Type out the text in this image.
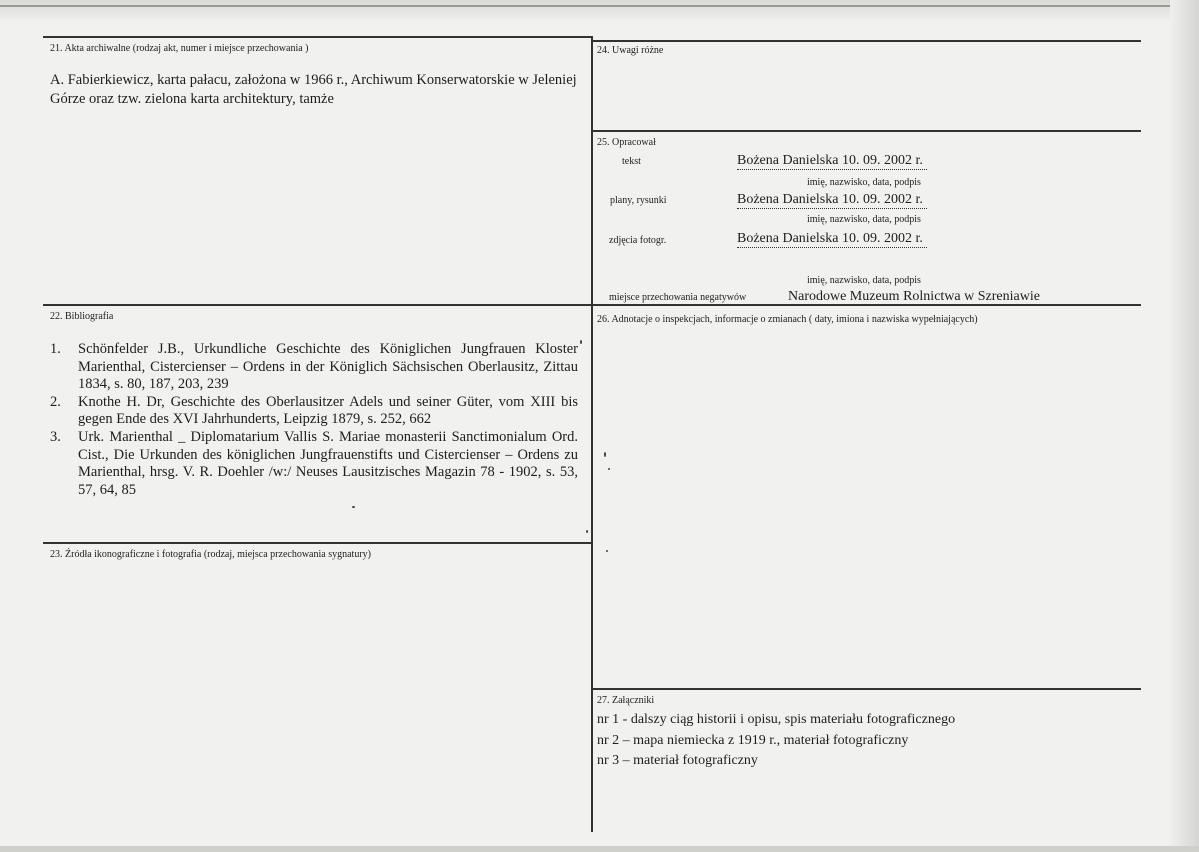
21. Akta archiwalne (rodzaj akt, numer i miejsce przechowania )
A. Fabierkiewicz, karta pałacu, założona w 1966 r., Archiwum Konserwatorskie w Jeleniej
Górze oraz tzw. zielona karta architektury, tamże
22. Bibliografia
1.	Schönfelder J.B., Urkundliche Geschichte des Königlichen Jungfrauen Kloster Marienthal, Cistercienser – Ordens in der Königlich Sächsischen Oberlausitz, Zittau 1834, s. 80, 187, 203, 239
2.	Knothe H. Dr, Geschichte des Oberlausitzer Adels und seiner Güter, vom XIII bis gegen Ende des XVI Jahrhunderts, Leipzig 1879, s. 252, 662
3.	Urk. Marienthal _ Diplomatarium Vallis S. Mariae monasterii Sanctimonialum Ord. Cist., Die Urkunden des königlichen Jungfrauenstifts und Cistercienser – Ordens zu Marienthal, hrsg. V. R. Doehler /w:/ Neuses Lausitzisches Magazin 78 - 1902, s. 53, 57, 64, 85
23. Źródła ikonograficzne i fotografia (rodzaj, miejsca przechowania sygnatury)
24. Uwagi różne
25. Opracował
tekst	Bożena Danielska 10. 09. 2002 r.
imię, nazwisko, data, podpis
plany, rysunki	Bożena Danielska 10. 09. 2002 r.
imię, nazwisko, data, podpis
zdjęcia fotogr.	Bożena Danielska 10. 09. 2002 r.
imię, nazwisko, data, podpis
miejsce przechowania negatywów	Narodowe Muzeum Rolnictwa w Szreniawie
26. Adnotacje o inspekcjach, informacje o zmianach ( daty, imiona i nazwiska wypełniających)
27. Załączniki
nr 1 - dalszy ciąg historii i opisu, spis materiału fotograficznego
nr 2 – mapa niemiecka z 1919 r., materiał fotograficzny
nr 3 – materiał fotograficzny
